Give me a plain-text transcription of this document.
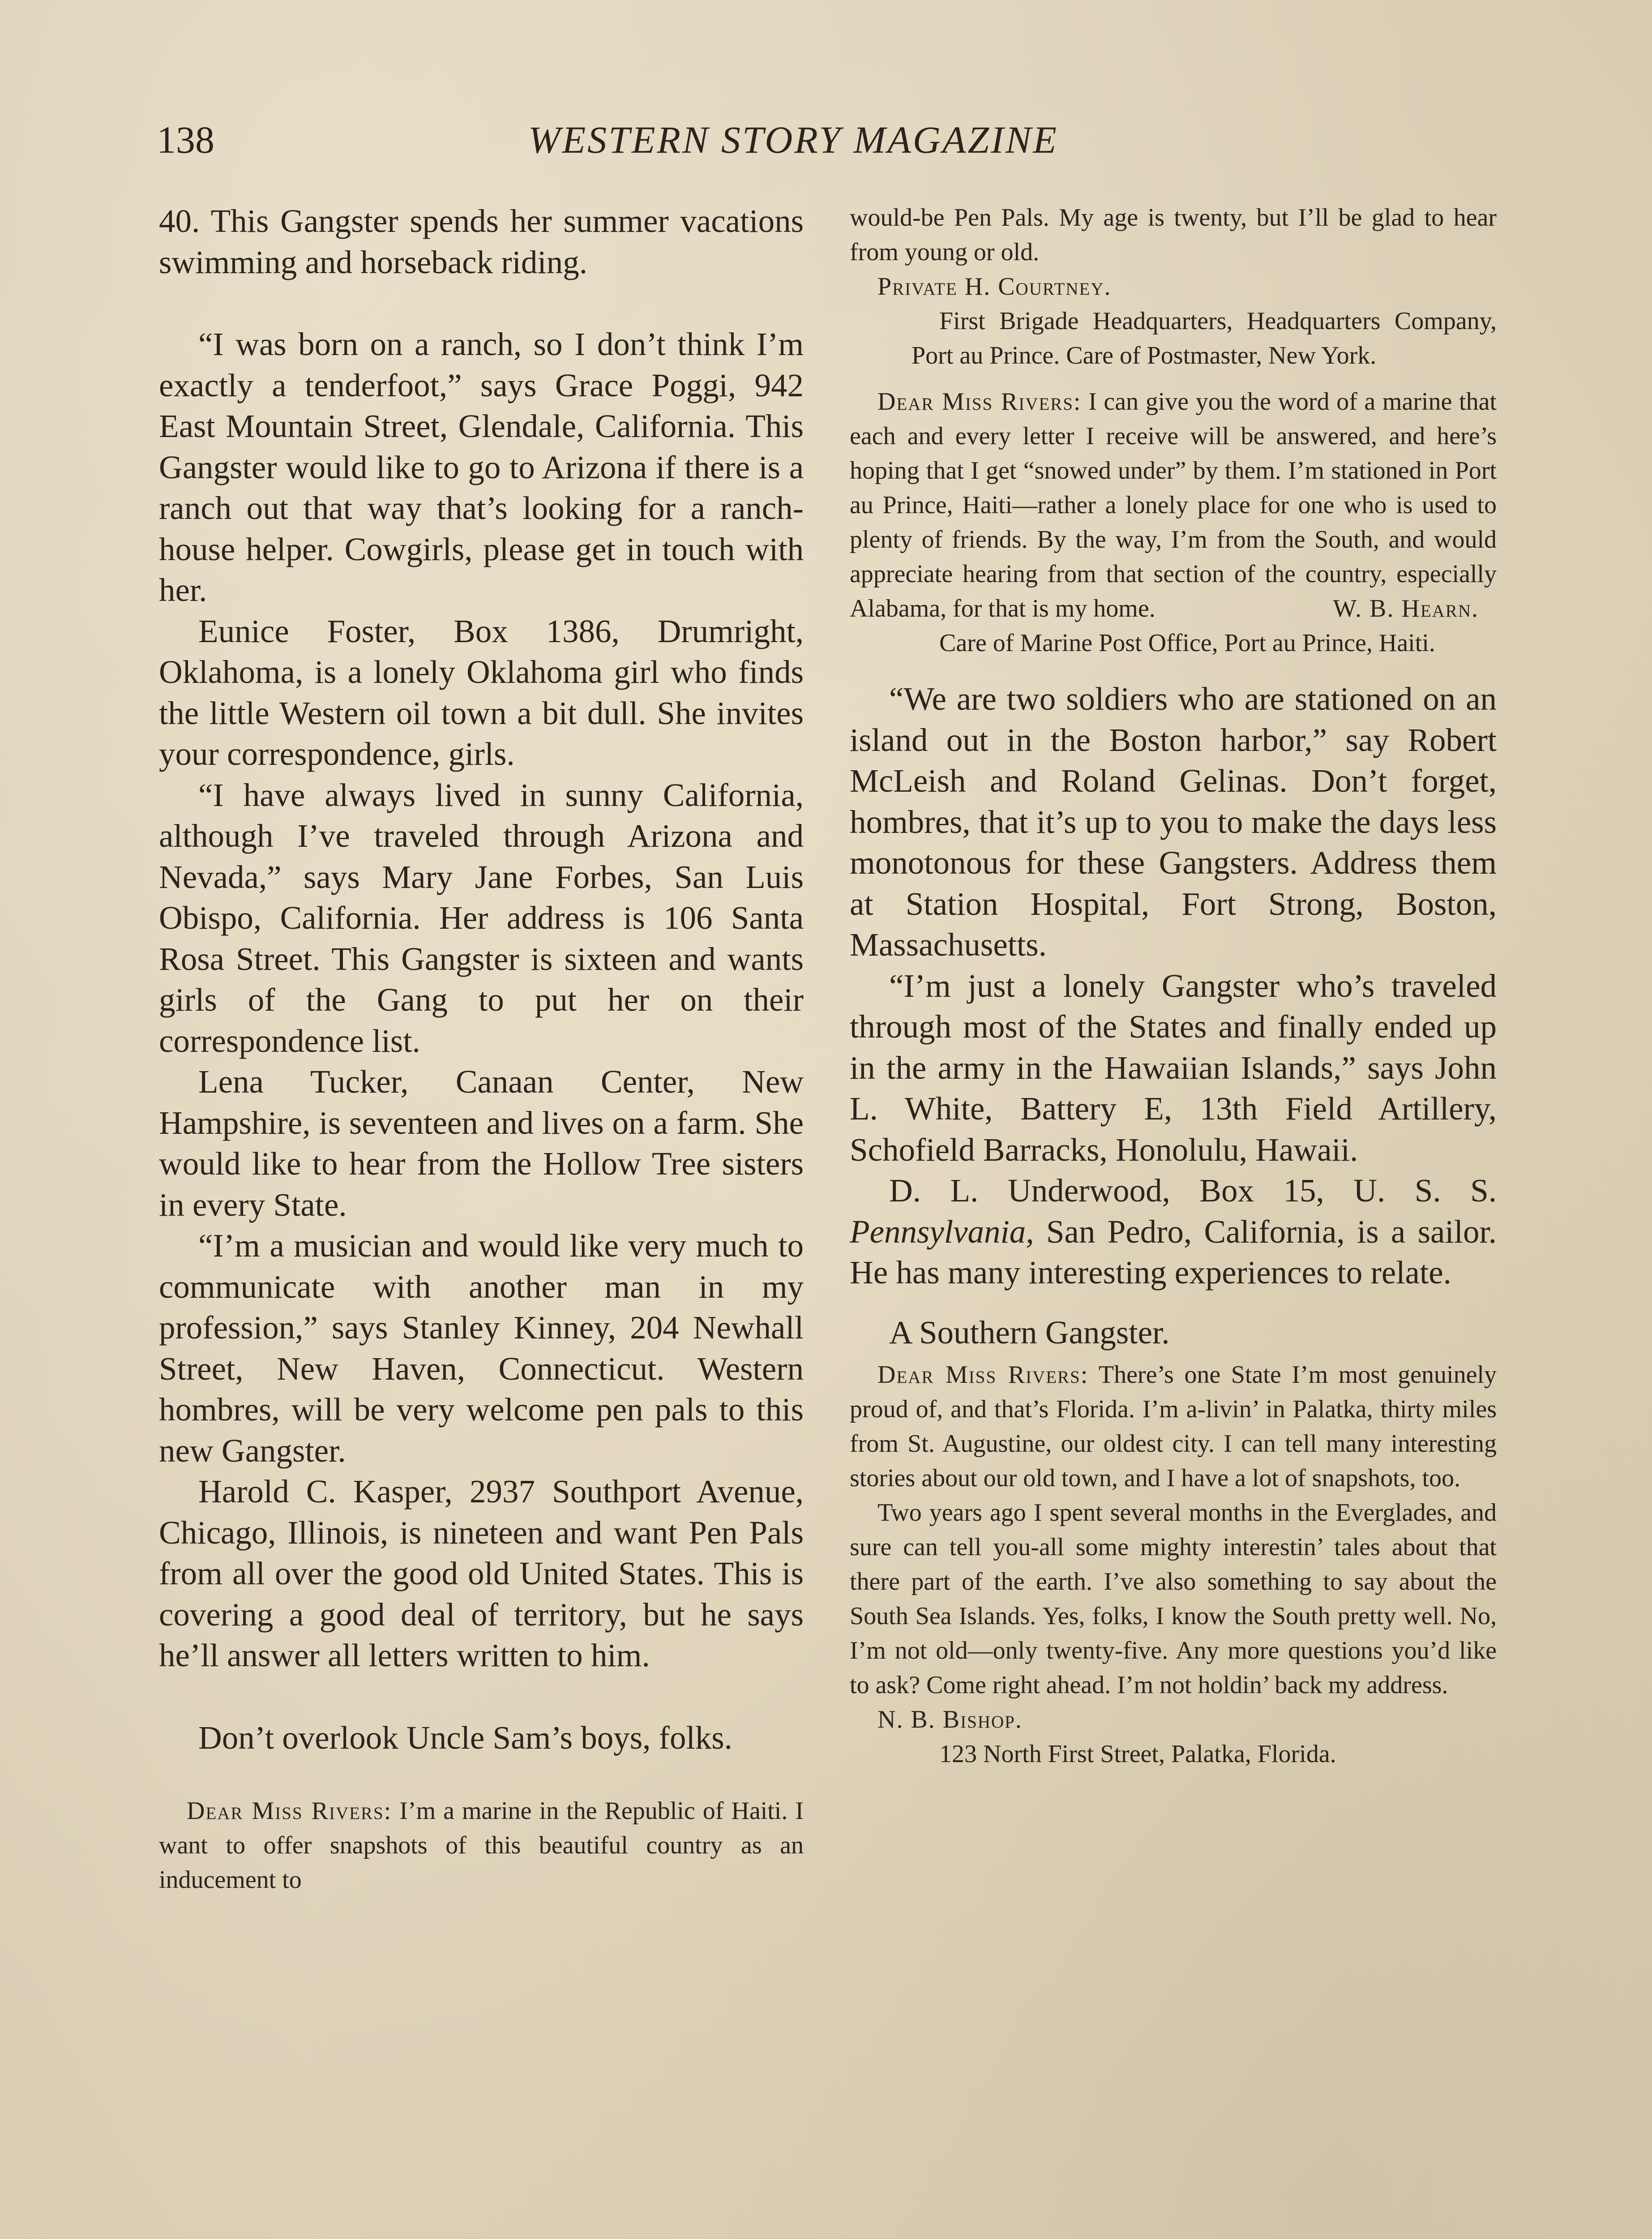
138	WESTERN STORY MAGAZINE

40. This Gangster spends her summer vacations swimming and horseback riding.

“I was born on a ranch, so I don’t think I’m exactly a tenderfoot,” says Grace Poggi, 942 East Mountain Street, Glendale, California. This Gangster would like to go to Arizona if there is a ranch out that way that’s looking for a ranch-house helper. Cowgirls, please get in touch with her.

Eunice Foster, Box 1386, Drumright, Oklahoma, is a lonely Oklahoma girl who finds the little Western oil town a bit dull. She invites your correspondence, girls.

“I have always lived in sunny California, although I’ve traveled through Arizona and Nevada,” says Mary Jane Forbes, San Luis Obispo, California. Her address is 106 Santa Rosa Street. This Gangster is sixteen and wants girls of the Gang to put her on their correspondence list.

Lena Tucker, Canaan Center, New Hampshire, is seventeen and lives on a farm. She would like to hear from the Hollow Tree sisters in every State.

“I’m a musician and would like very much to communicate with another man in my profession,” says Stanley Kinney, 204 Newhall Street, New Haven, Connecticut. Western hombres, will be very welcome pen pals to this new Gangster.

Harold C. Kasper, 2937 Southport Avenue, Chicago, Illinois, is nineteen and want Pen Pals from all over the good old United States. This is covering a good deal of territory, but he says he’ll answer all letters written to him.

Don’t overlook Uncle Sam’s boys, folks.

Dear Miss Rivers: I’m a marine in the Republic of Haiti. I want to offer snapshots of this beautiful country as an inducement to

would-be Pen Pals. My age is twenty, but I’ll be glad to hear from young or old.

Private H. Courtney.

First Brigade Headquarters, Headquarters Company, Port au Prince. Care of Postmaster, New York.

Dear Miss Rivers: I can give you the word of a marine that each and every letter I receive will be answered, and here’s hoping that I get “snowed under” by them. I’m stationed in Port au Prince, Haiti—rather a lonely place for one who is used to plenty of friends. By the way, I’m from the South, and would appreciate hearing from that section of the country, especially Alabama, for that is my home.	W. B. Hearn.

Care of Marine Post Office, Port au Prince, Haiti.

“We are two soldiers who are stationed on an island out in the Boston harbor,” say Robert McLeish and Roland Gelinas. Don’t forget, hombres, that it’s up to you to make the days less monotonous for these Gangsters. Address them at Station Hospital, Fort Strong, Boston, Massachusetts.

“I’m just a lonely Gangster who’s traveled through most of the States and finally ended up in the army in the Hawaiian Islands,” says John L. White, Battery E, 13th Field Artillery, Schofield Barracks, Honolulu, Hawaii.

D. L. Underwood, Box 15, U. S. S. Pennsylvania, San Pedro, California, is a sailor. He has many interesting experiences to relate.

A Southern Gangster.

Dear Miss Rivers: There’s one State I’m most genuinely proud of, and that’s Florida. I’m a-livin’ in Palatka, thirty miles from St. Augustine, our oldest city. I can tell many interesting stories about our old town, and I have a lot of snapshots, too.

Two years ago I spent several months in the Everglades, and sure can tell you-all some mighty interestin’ tales about that there part of the earth. I’ve also something to say about the South Sea Islands. Yes, folks, I know the South pretty well. No, I’m not old—only twenty-five. Any more questions you’d like to ask? Come right ahead. I’m not holdin’ back my address.

N. B. Bishop.

123 North First Street, Palatka, Florida.
